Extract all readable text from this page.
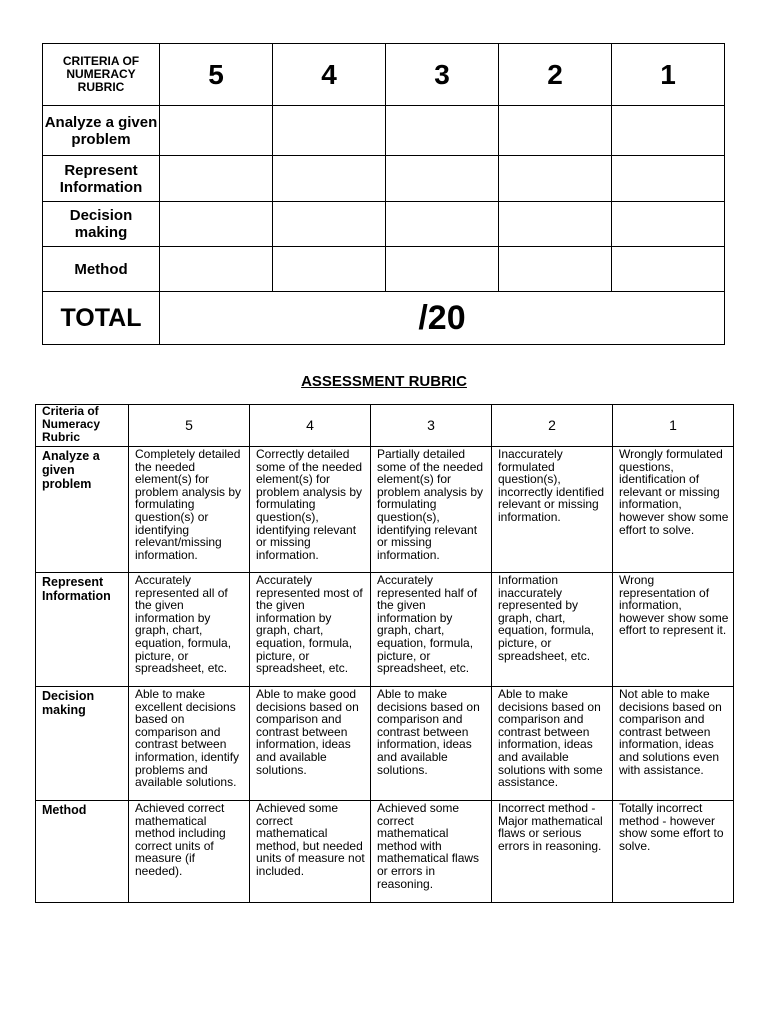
CRITERIA OF NUMERACY RUBRIC	5	4	3	2	1
Analyze a given problem					
Represent Information					
Decision making					
Method					
TOTAL	/20				
ASSESSMENT RUBRIC
Criteria of Numeracy Rubric	5	4	3	2	1
Analyze a given problem	Completely detailed the needed element(s) for problem analysis by formulating question(s) or identifying relevant/missing information.	Correctly detailed some of the needed element(s) for problem analysis by formulating question(s), identifying relevant or missing information.	Partially detailed some of the needed element(s) for problem analysis by formulating question(s), identifying relevant or missing information.	Inaccurately formulated question(s), incorrectly identified relevant or missing information.	Wrongly formulated questions, identification of relevant or missing information, however show some effort to solve.
Represent Information	Accurately represented all of the given information by graph, chart, equation, formula, picture, or spreadsheet, etc.	Accurately represented most of the given information by graph, chart, equation, formula, picture, or spreadsheet, etc.	Accurately represented half of the given information by graph, chart, equation, formula, picture, or spreadsheet, etc.	Information inaccurately represented by graph, chart, equation, formula, picture, or spreadsheet, etc.	Wrong representation of information, however show some effort to represent it.
Decision making	Able to make excellent decisions based on comparison and contrast between information, identify problems and available solutions.	Able to make good decisions based on comparison and contrast between information, ideas and available solutions.	Able to make decisions based on comparison and contrast between information, ideas and available solutions.	Able to make decisions based on comparison and contrast between information, ideas and available solutions with some assistance.	Not able to make decisions based on comparison and contrast between information, ideas and solutions even with assistance.
Method	Achieved correct mathematical method including correct units of measure (if needed).	Achieved some correct mathematical method, but needed units of measure not included.	Achieved some correct mathematical method with mathematical flaws or errors in reasoning.	Incorrect method - Major mathematical flaws or serious errors in reasoning.	Totally incorrect method - however show some effort to solve.
